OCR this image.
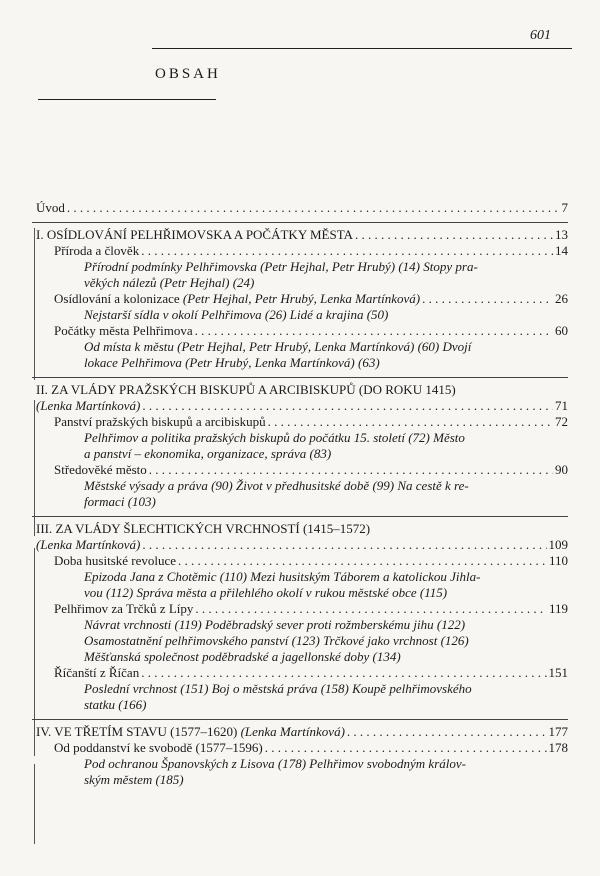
601
OBSAH
Úvod . . .	7
I. OSÍDLOVÁNÍ PELHŘIMOVSKA A POČÁTKY MĚSTA . . .	13
Příroda a člověk . . .	14
Přírodní podmínky Pelhřimovska (Petr Hejhal, Petr Hrubý) (14) Stopy pra-
věkých nálezů (Petr Hejhal) (24)
Osídlování a kolonizace
(Petr Hejhal, Petr Hrubý, Lenka Martínková) . . .	26
Nejstarší sídla v okolí Pelhřimova (26) Lidé a krajina (50)
Počátky města Pelhřimova . . .	60
Od místa k městu (Petr Hejhal, Petr Hrubý, Lenka Martínková) (60) Dvojí
lokace Pelhřimova (Petr Hrubý, Lenka Martínková) (63)
II. ZA VLÁDY PRAŽSKÝCH BISKUPŮ A ARCIBISKUPŮ (DO ROKU 1415)
(Lenka Martínková) . . .	71
Panství pražských biskupů a arcibiskupů . . .	72
Pelhřimov a politika pražských biskupů do počátku 15. století (72) Město
a panství – ekonomika, organizace, správa (83)
Středověké město . . .	90
Městské výsady a práva (90) Život v předhusitské době (99) Na cestě k re-
formaci (103)
III. ZA VLÁDY ŠLECHTICKÝCH VRCHNOSTÍ (1415–1572)
(Lenka Martínková) . . .	109
Doba husitské revoluce . . .	110
Epizoda Jana z Chotěmic (110) Mezi husitským Táborem a katolickou Jihla-
vou (112) Správa města a přilehlého okolí v rukou městské obce (115)
Pelhřimov za Trčků z Lípy . . .	119
Návrat vrchnosti (119) Poděbradský sever proti rožmberskému jihu (122)
Osamostatnění pelhřimovského panství (123) Trčkové jako vrchnost (126)
Měšťanská společnost poděbradské a jagellonské doby (134)
Říčanští z Říčan . . .	151
Poslední vrchnost (151) Boj o městská práva (158) Koupě pelhřimovského
statku (166)
IV. VE TŘETÍM STAVU (1577–1620)
(Lenka Martínková) . . .	177
Od poddanství ke svobodě (1577–1596) . . .	178
Pod ochranou Španovských z Lisova (178) Pelhřimov svobodným králov-
ským městem (185)
